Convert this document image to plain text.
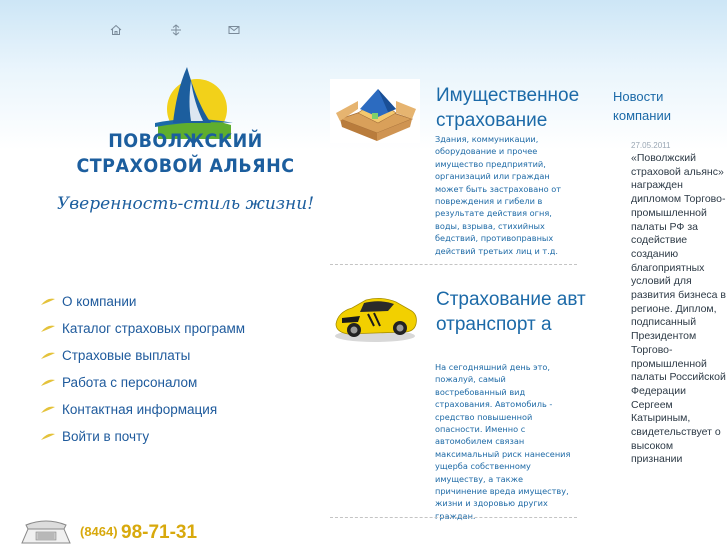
ПОВОЛЖСКИЙ
СТРАХОВОЙ АЛЬЯНС
Уверенность-стиль жизни!
О компании
Каталог страховых программ
Страховые выплаты
Работа с персоналом
Контактная информация
Войти в почту
(8464) 98-71-31
Имущественное страхование

Здания, коммуникации, оборудование и прочее имущество предприятий, организаций или граждан может быть застраховано от повреждения и гибели в результате действия огня, воды, взрыва, стихийных бедствий, противоправных действий третьих лиц и т.д.

Страхование автотранспорт а

На сегодняшний день это, пожалуй, самый востребованный вид страхования. Автомобиль - средство повышенной опасности. Именно с автомобилем связан максимальный риск нанесения ущерба собственному имуществу, а также причинение вреда имуществу, жизни и здоровью других граждан.

Новости компании
27.05.2011
«Поволжский страховой альянс» награжден дипломом Торгово-промышленной палаты РФ за содействие созданию благоприятных условий для развития бизнеса в регионе. Диплом, подписанный Президентом Торгово-промышленной палаты Российской Федерации Сергеем Катыриным, свидетельствует о высоком признании
